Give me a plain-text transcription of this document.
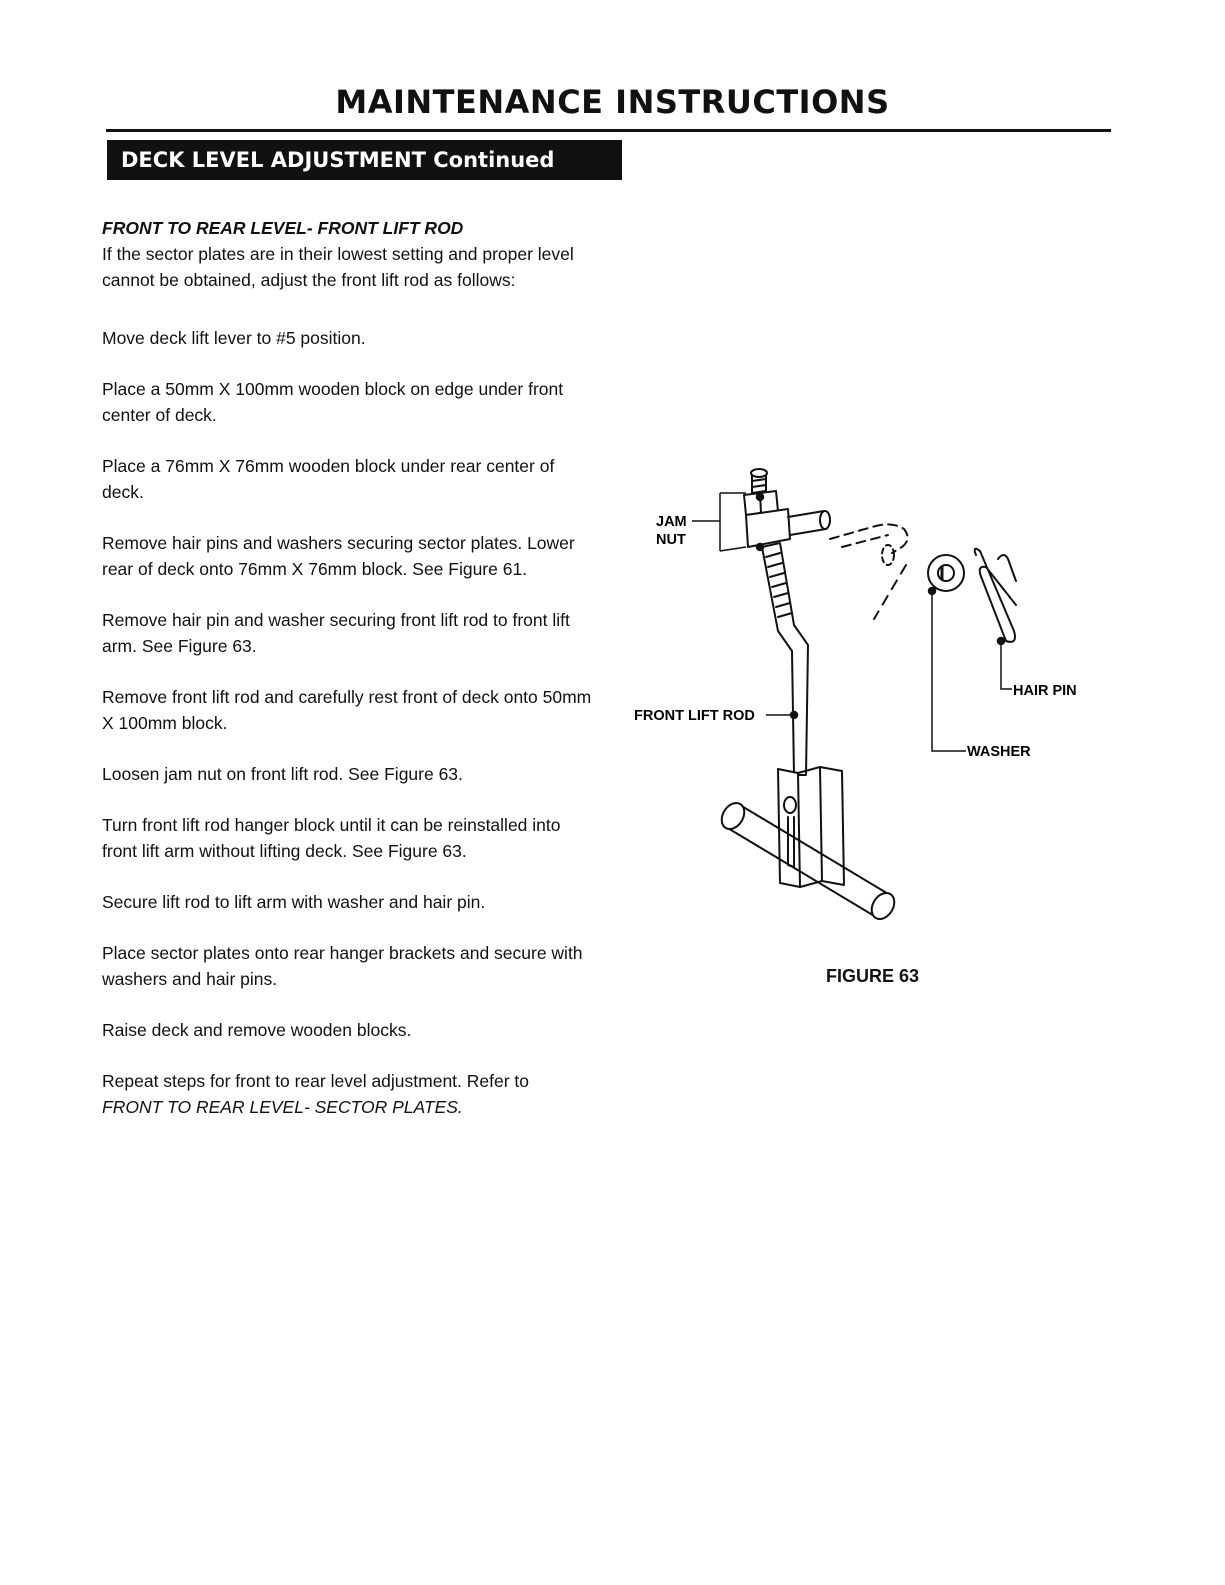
MAINTENANCE INSTRUCTIONS
DECK LEVEL ADJUSTMENT Continued
FRONT TO REAR LEVEL- FRONT LIFT ROD

If the sector plates are in their lowest setting and proper level cannot be obtained, adjust the front lift rod as follows:

Move deck lift lever to #5 position.

Place a 50mm X 100mm wooden block on edge under front center of deck.

Place a 76mm X 76mm wooden block under rear center of deck.

Remove hair pins and washers securing sector plates. Lower rear of deck onto 76mm X 76mm block. See Figure 61.

Remove hair pin and washer securing front lift rod to front lift arm. See Figure 63.

Remove front lift rod and carefully rest front of deck onto 50mm X 100mm block.

Loosen jam nut on front lift rod. See Figure 63.

Turn front lift rod hanger block until it can be reinstalled into front lift arm without lifting deck. See Figure 63.

Secure lift rod to lift arm with washer and hair pin.

Place sector plates onto rear hanger brackets and secure with washers and hair pins.

Raise deck and remove wooden blocks.

Repeat steps for front to rear level adjustment. Refer to
FRONT TO REAR LEVEL- SECTOR PLATES.

JAM
NUT
FRONT LIFT ROD
HAIR PIN
WASHER
FIGURE 63
